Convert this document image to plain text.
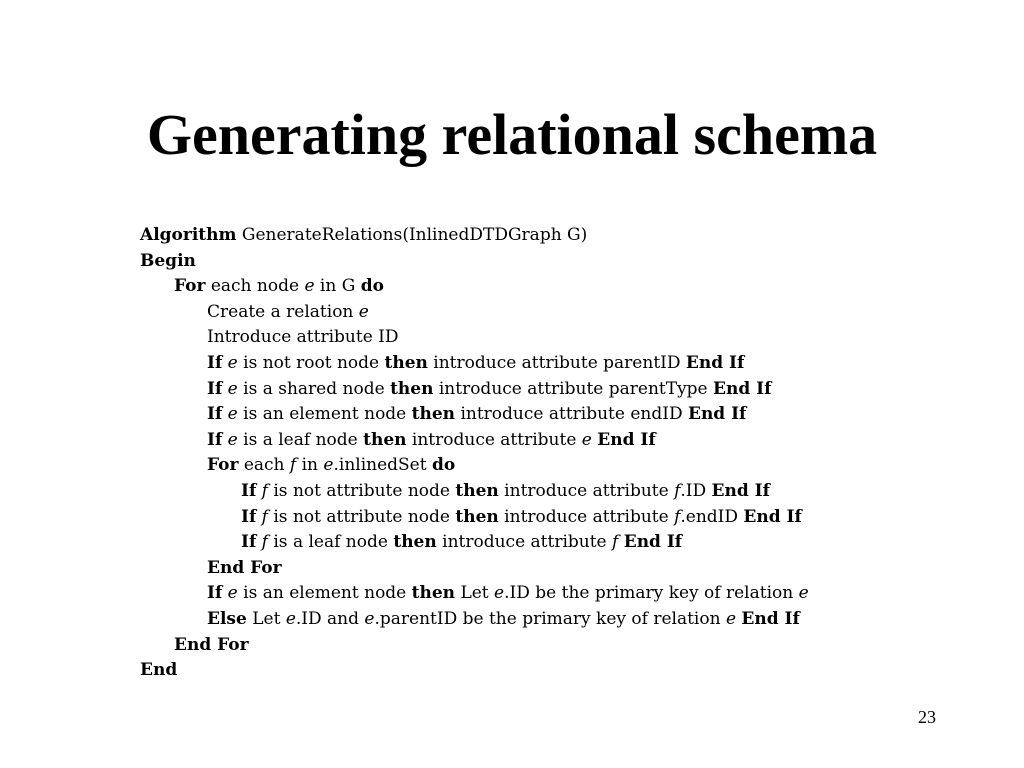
Generating relational schema
Algorithm GenerateRelations(InlinedDTDGraph G)
Begin
For each node e in G do
Create a relation e
Introduce attribute ID
If e is not root node then introduce attribute parentID End If
If e is a shared node then introduce attribute parentType End If
If e is an element node then introduce attribute endID End If
If e is a leaf node then introduce attribute e End If
For each f in e.inlinedSet do
If f is not attribute node then introduce attribute f.ID End If
If f is not attribute node then introduce attribute f.endID End If
If f is a leaf node then introduce attribute f End If
End For
If e is an element node then Let e.ID be the primary key of relation e
Else Let e.ID and e.parentID be the primary key of relation e End If
End For
End
23
